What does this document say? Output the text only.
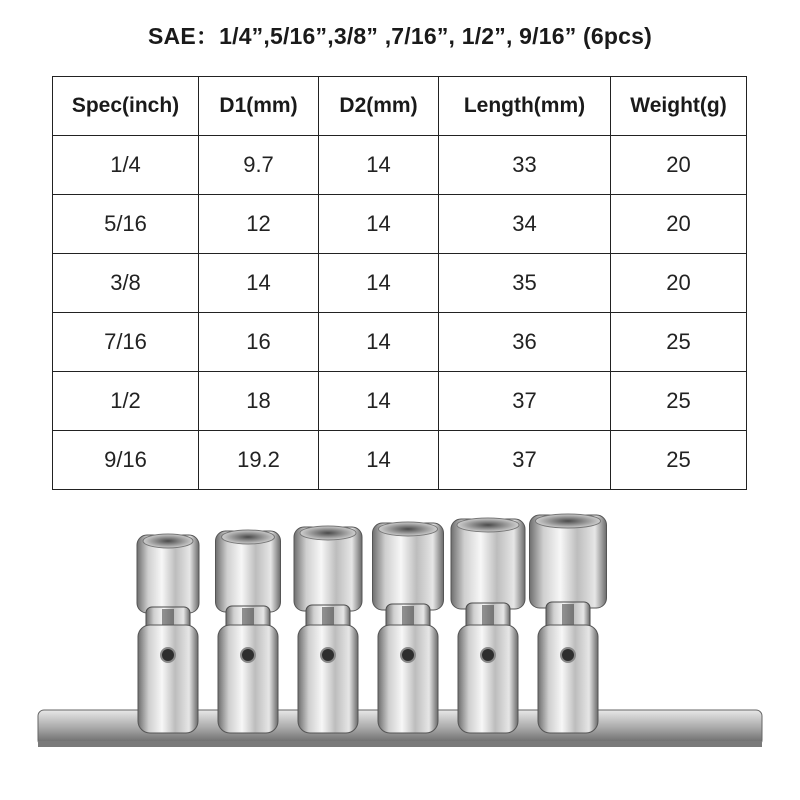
SAE：1/4”,5/16”,3/8” ,7/16”, 1/2”, 9/16” (6pcs)
Spec(inch)	D1(mm)	D2(mm)	Length(mm)	Weight(g)
1/4	9.7	14	33	20
5/16	12	14	34	20
3/8	14	14	35	20
7/16	16	14	36	25
1/2	18	14	37	25
9/16	19.2	14	37	25
